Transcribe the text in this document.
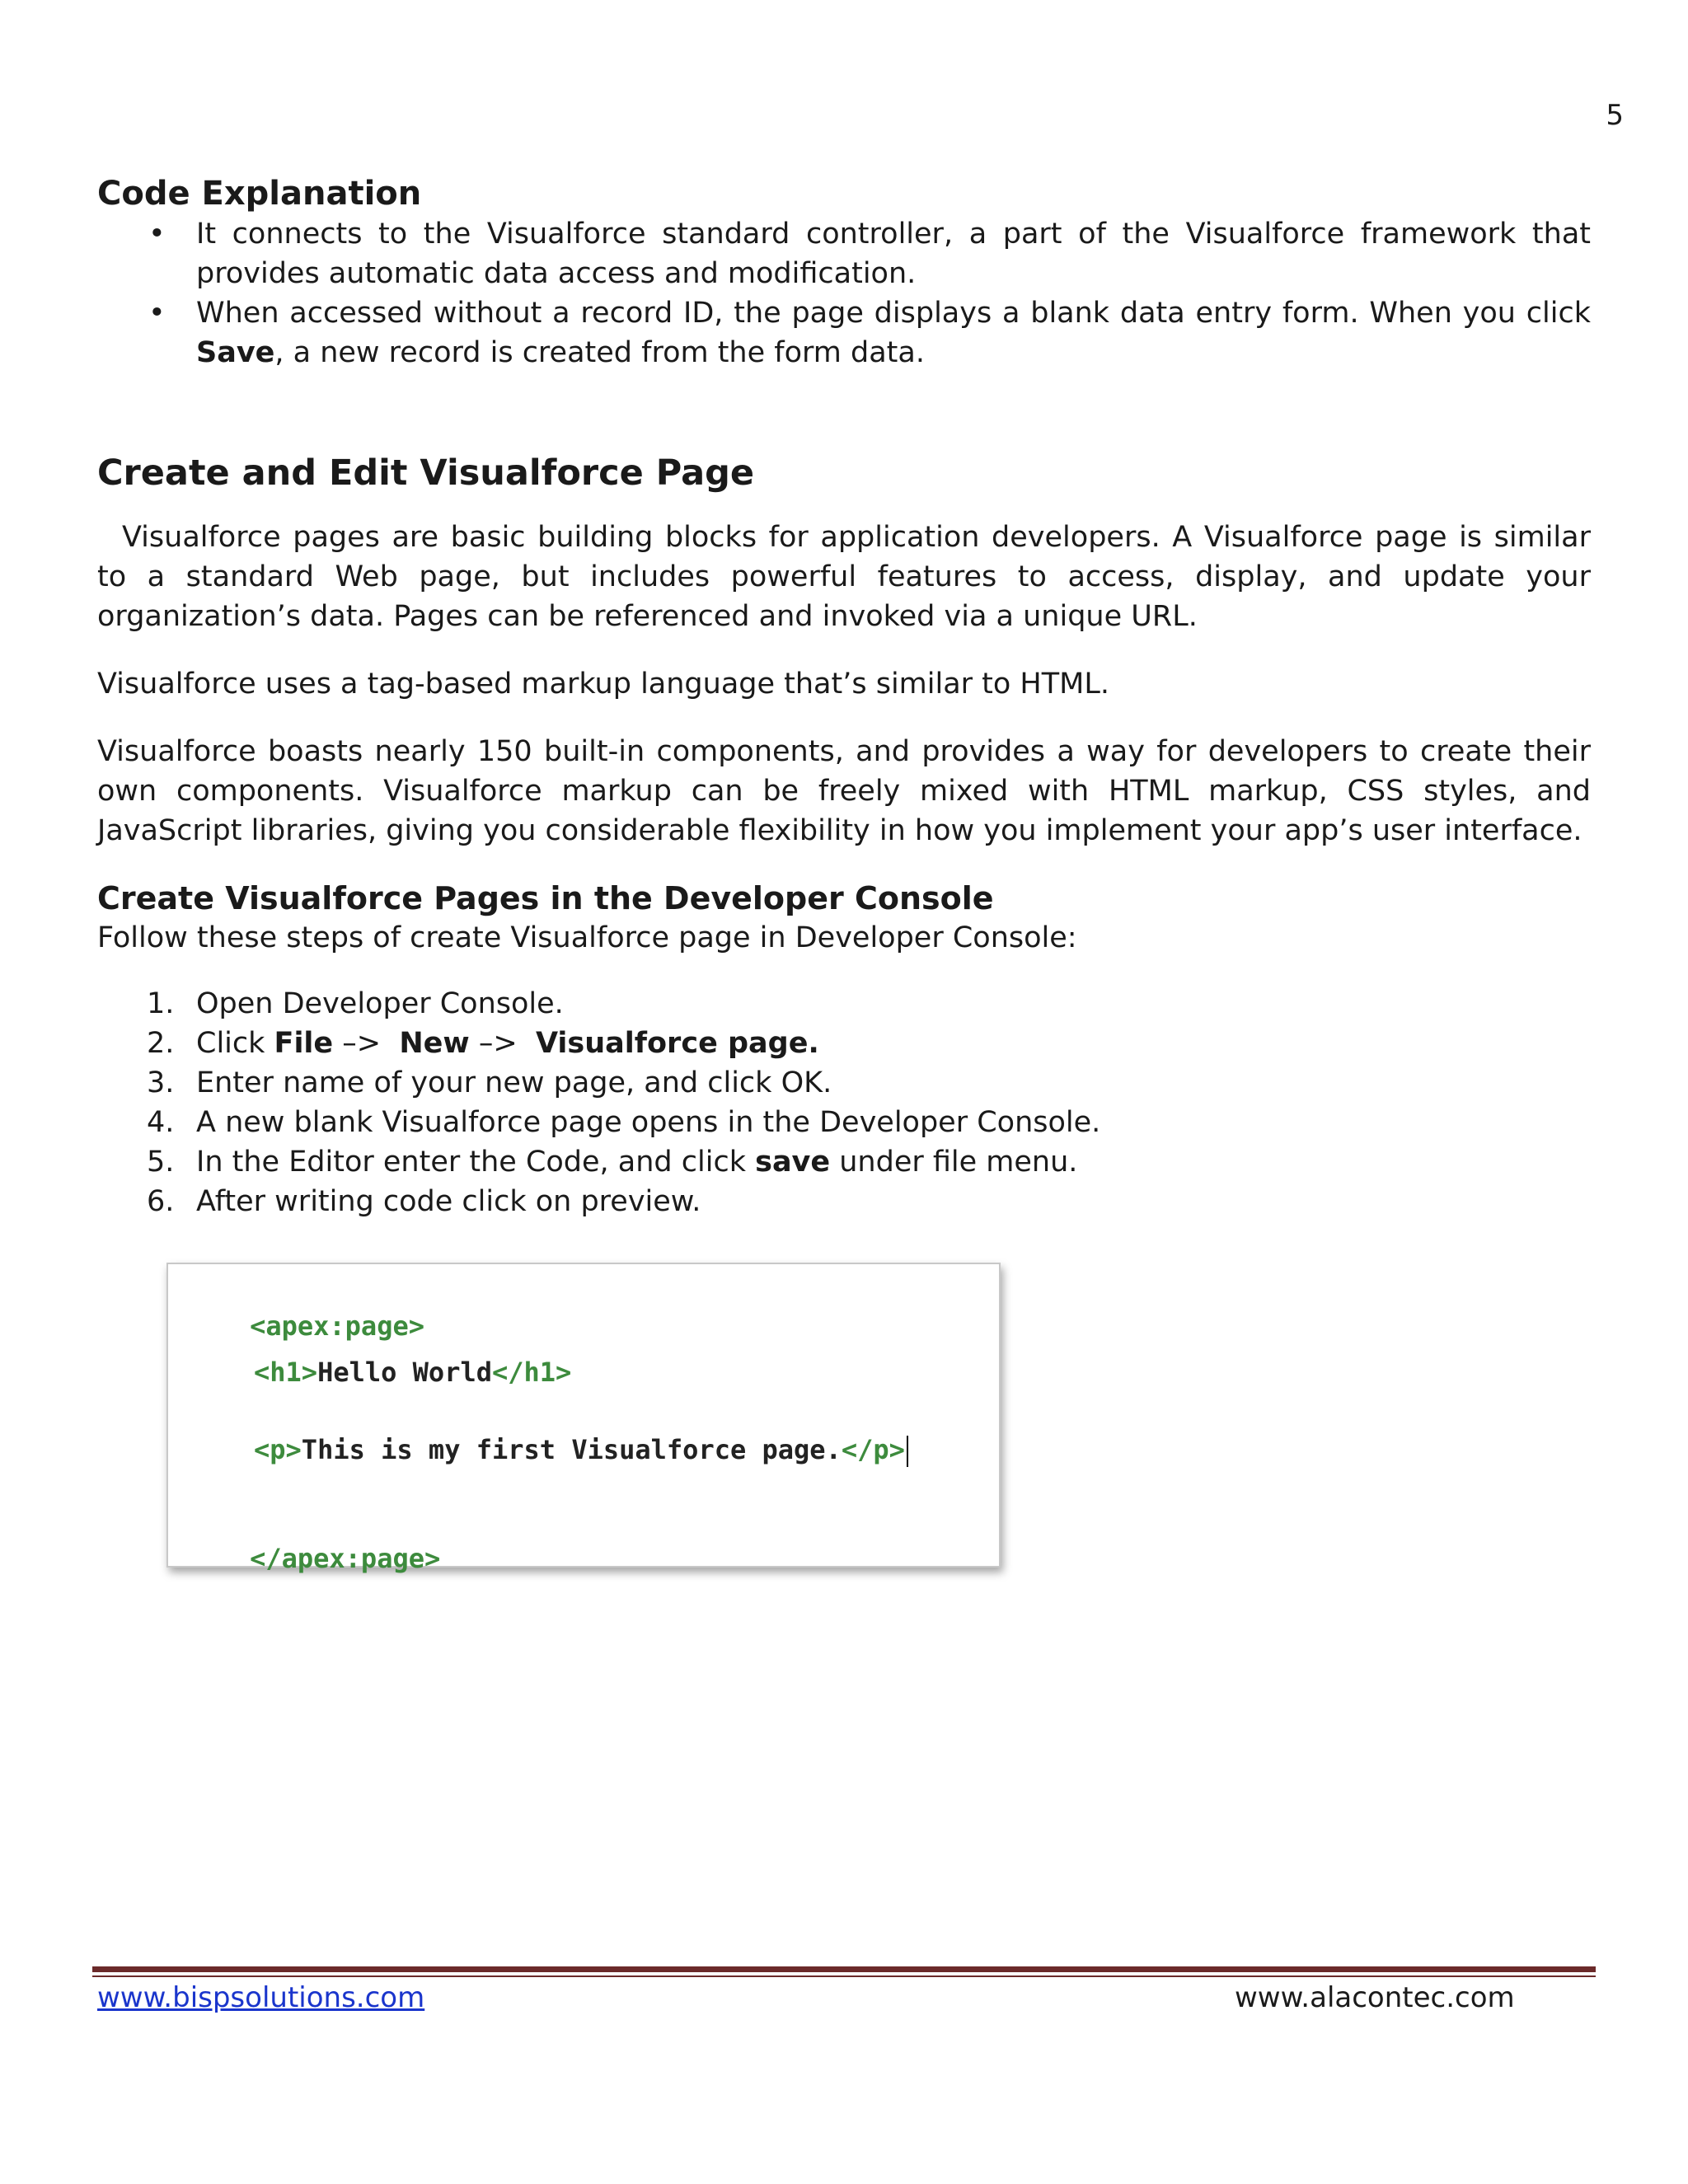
5
Code Explanation
• It connects to the Visualforce standard controller, a part of the Visualforce framework that provides automatic data access and modification.
• When accessed without a record ID, the page displays a blank data entry form. When you click Save, a new record is created from the form data.
Create and Edit Visualforce Page

Visualforce pages are basic building blocks for application developers. A Visualforce page is similar to a standard Web page, but includes powerful features to access, display, and update your organization’s data. Pages can be referenced and invoked via a unique URL.

Visualforce uses a tag-based markup language that’s similar to HTML.

Visualforce boasts nearly 150 built-in components, and provides a way for developers to create their own components. Visualforce markup can be freely mixed with HTML markup, CSS styles, and JavaScript libraries, giving you considerable flexibility in how you implement your app’s user interface.

Create Visualforce Pages in the Developer Console

Follow these steps of create Visualforce page in Developer Console:

1. Open Developer Console.
2. Click File –>  New –>  Visualforce page.
3. Enter name of your new page, and click OK.
4. A new blank Visualforce page opens in the Developer Console.
5. In the Editor enter the Code, and click save under file menu.
6. After writing code click on preview.

<apex:page>

<h1>Hello World</h1>
<p>This is my first Visualforce page.</p>

</apex:page>

www.bispsolutions.com	www.alacontec.com
